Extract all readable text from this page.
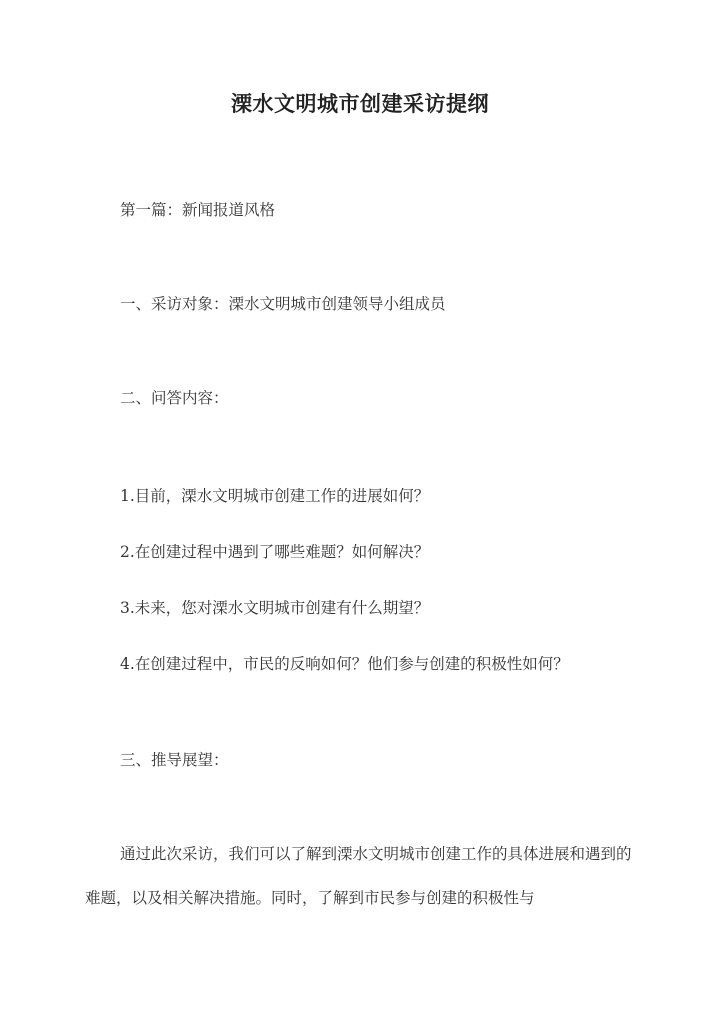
溧水文明城市创建采访提纲
第一篇：新闻报道风格
一、采访对象：溧水文明城市创建领导小组成员
二、问答内容：
1.目前，溧水文明城市创建工作的进展如何？
2.在创建过程中遇到了哪些难题？如何解决？
3.未来，您对溧水文明城市创建有什么期望？
4.在创建过程中，市民的反响如何？他们参与创建的积极性如何？
三、推导展望：
通过此次采访，我们可以了解到溧水文明城市创建工作的具体进展和遇到的难题，以及相关解决措施。同时，了解到市民参与创建的积极性与
